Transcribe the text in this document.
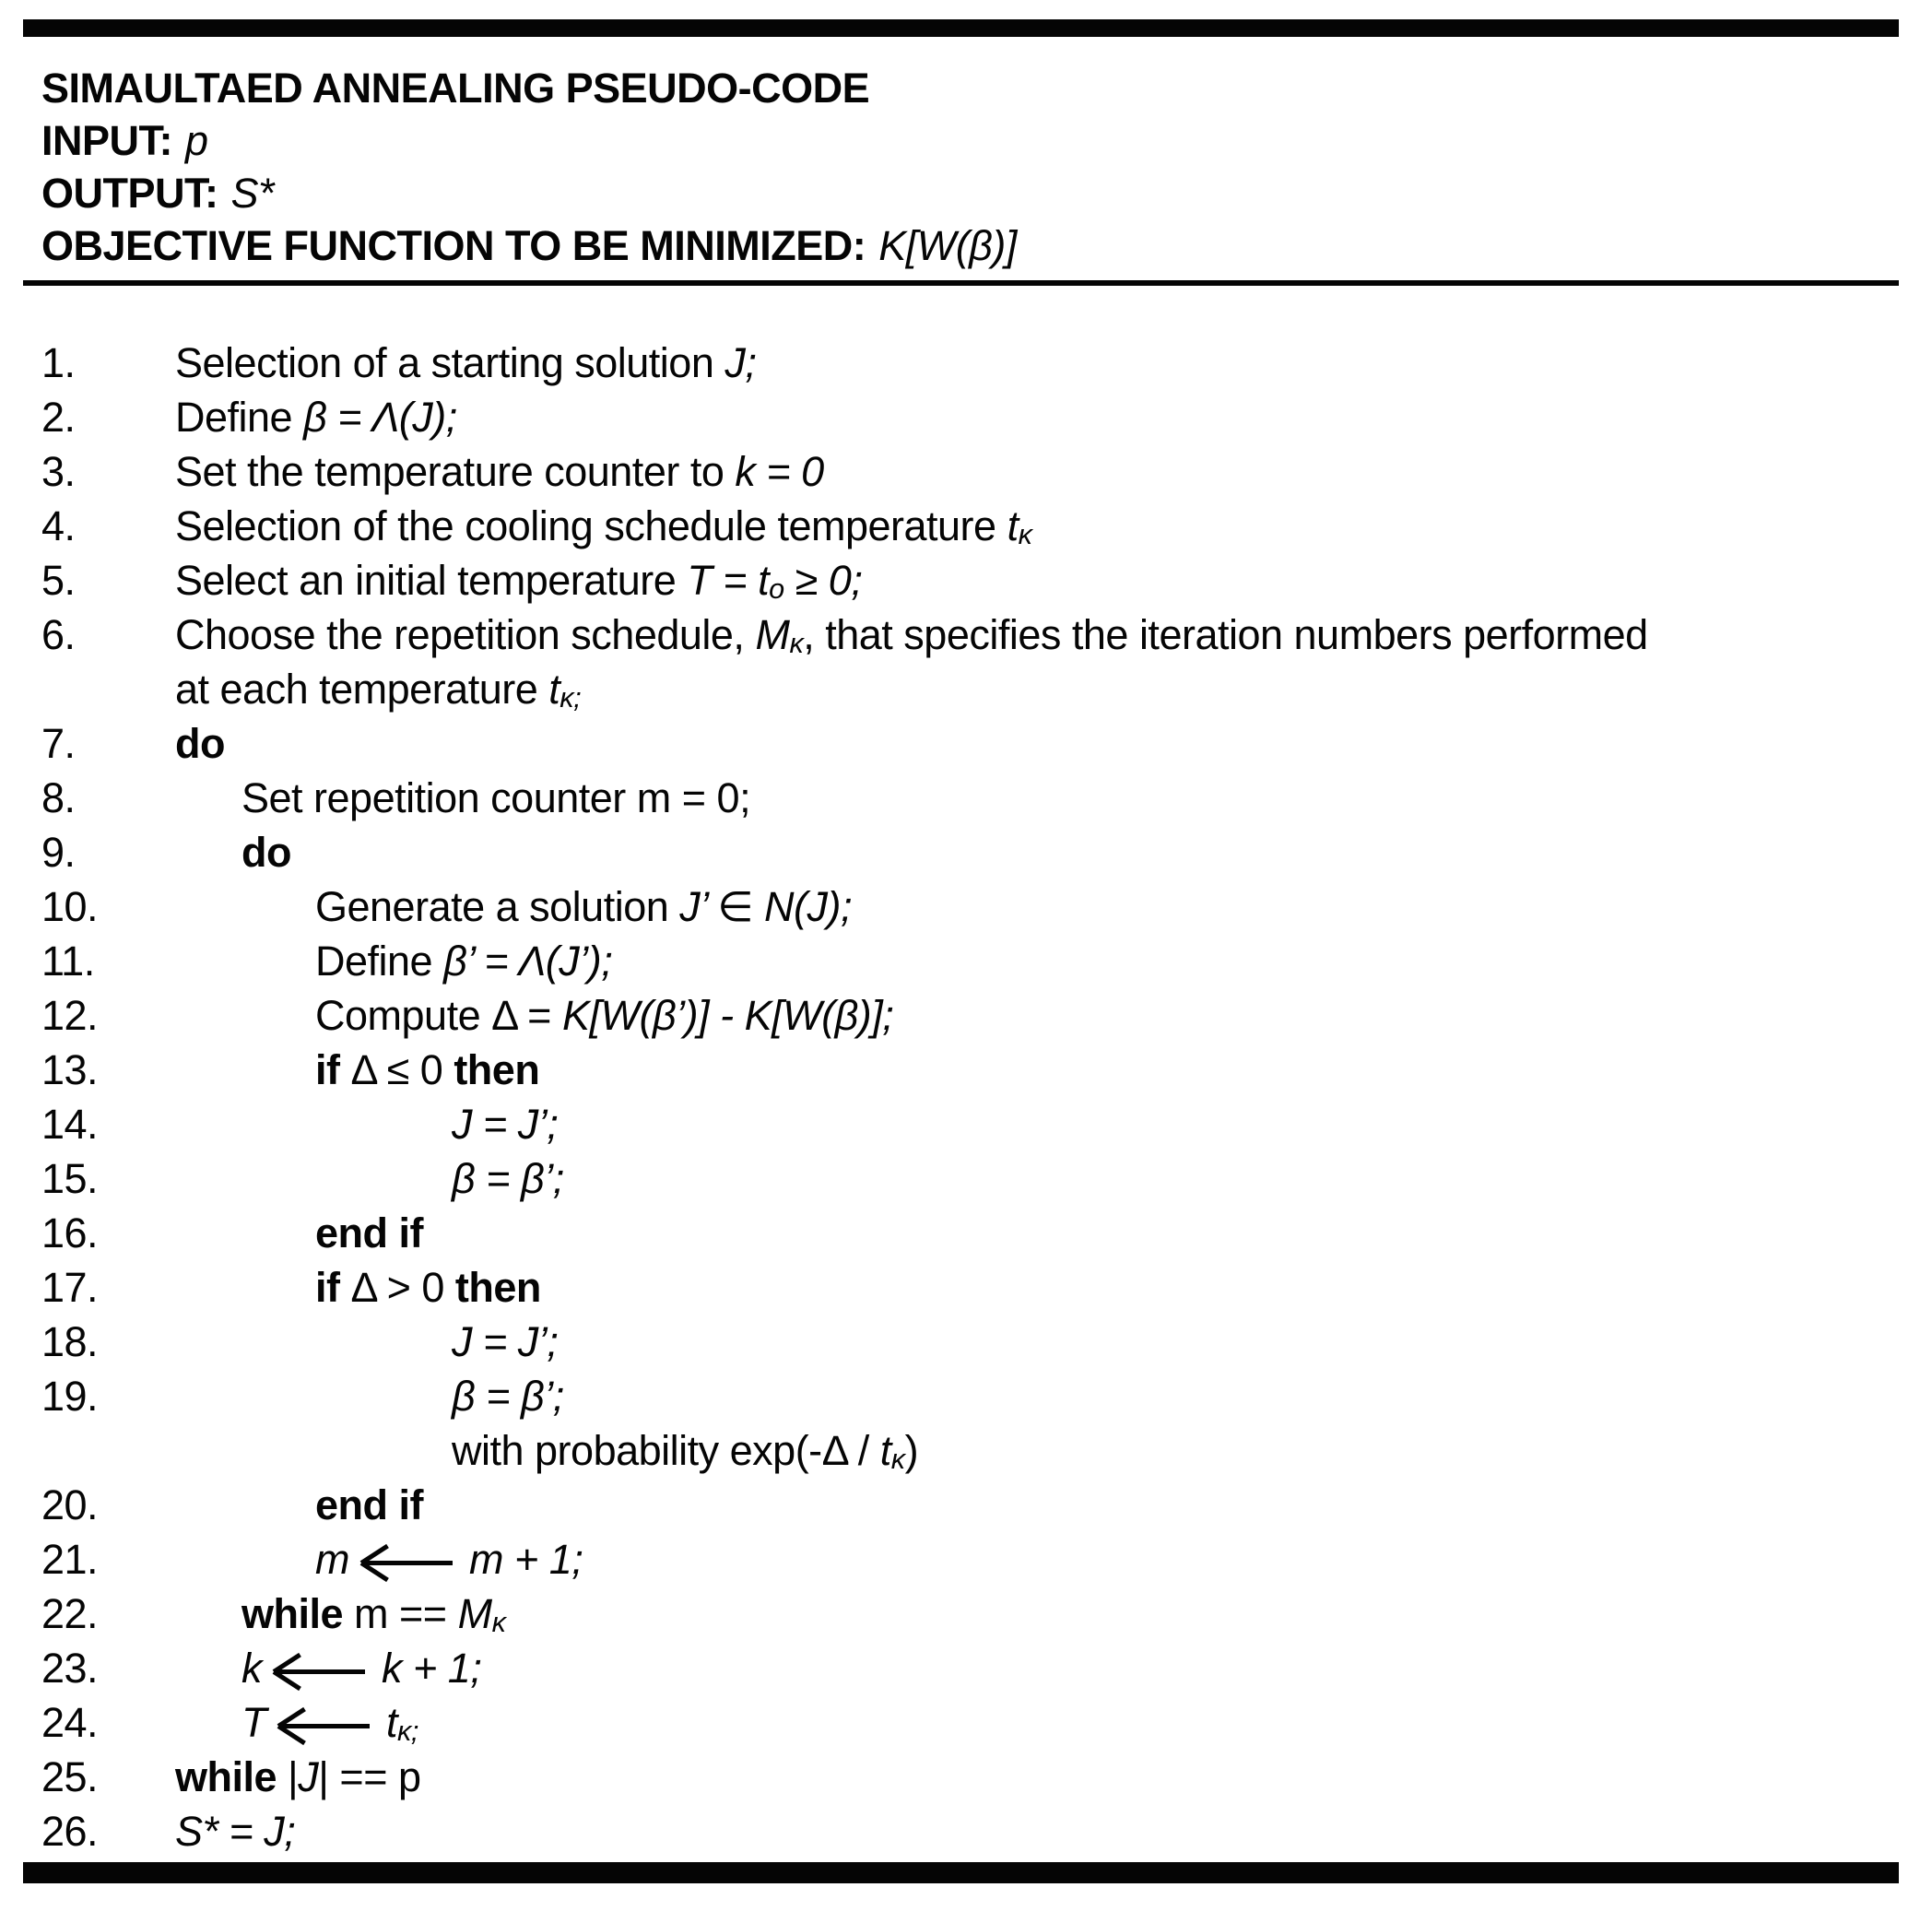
SIMAULTAED ANNEALING PSEUDO-CODE
INPUT: p
OUTPUT: S*
OBJECTIVE FUNCTION TO BE MINIMIZED: K[W(β)]
1.	Selection of a starting solution J;
2.	Define β = Λ(J);
3.	Set the temperature counter to k = 0
4.	Selection of the cooling schedule temperature tκ
5.	Select an initial temperature T = to ≥ 0;
6.	Choose the repetition schedule, Mκ, that specifies the iteration numbers performed
at each temperature tκ;
7.	do
8.	Set repetition counter m = 0;
9.	do
10.	Generate a solution J’ ∈ N(J);
11.	Define β’ = Λ(J’);
12.	Compute Δ = K[W(β’)] - K[W(β)];
13.	if Δ ≤ 0 then
14.	J = J’;
15.	β = β’;
16.	end if
17.	if Δ > 0 then
18.	J = J’;
19.	β = β’;
with probability exp(-Δ / tκ)
20.	end if
21.	m	m + 1;
22.	while m == Mκ
23.	k	k + 1;
24.	T	tκ;
25.	while |J| == p
26.	S* = J;
